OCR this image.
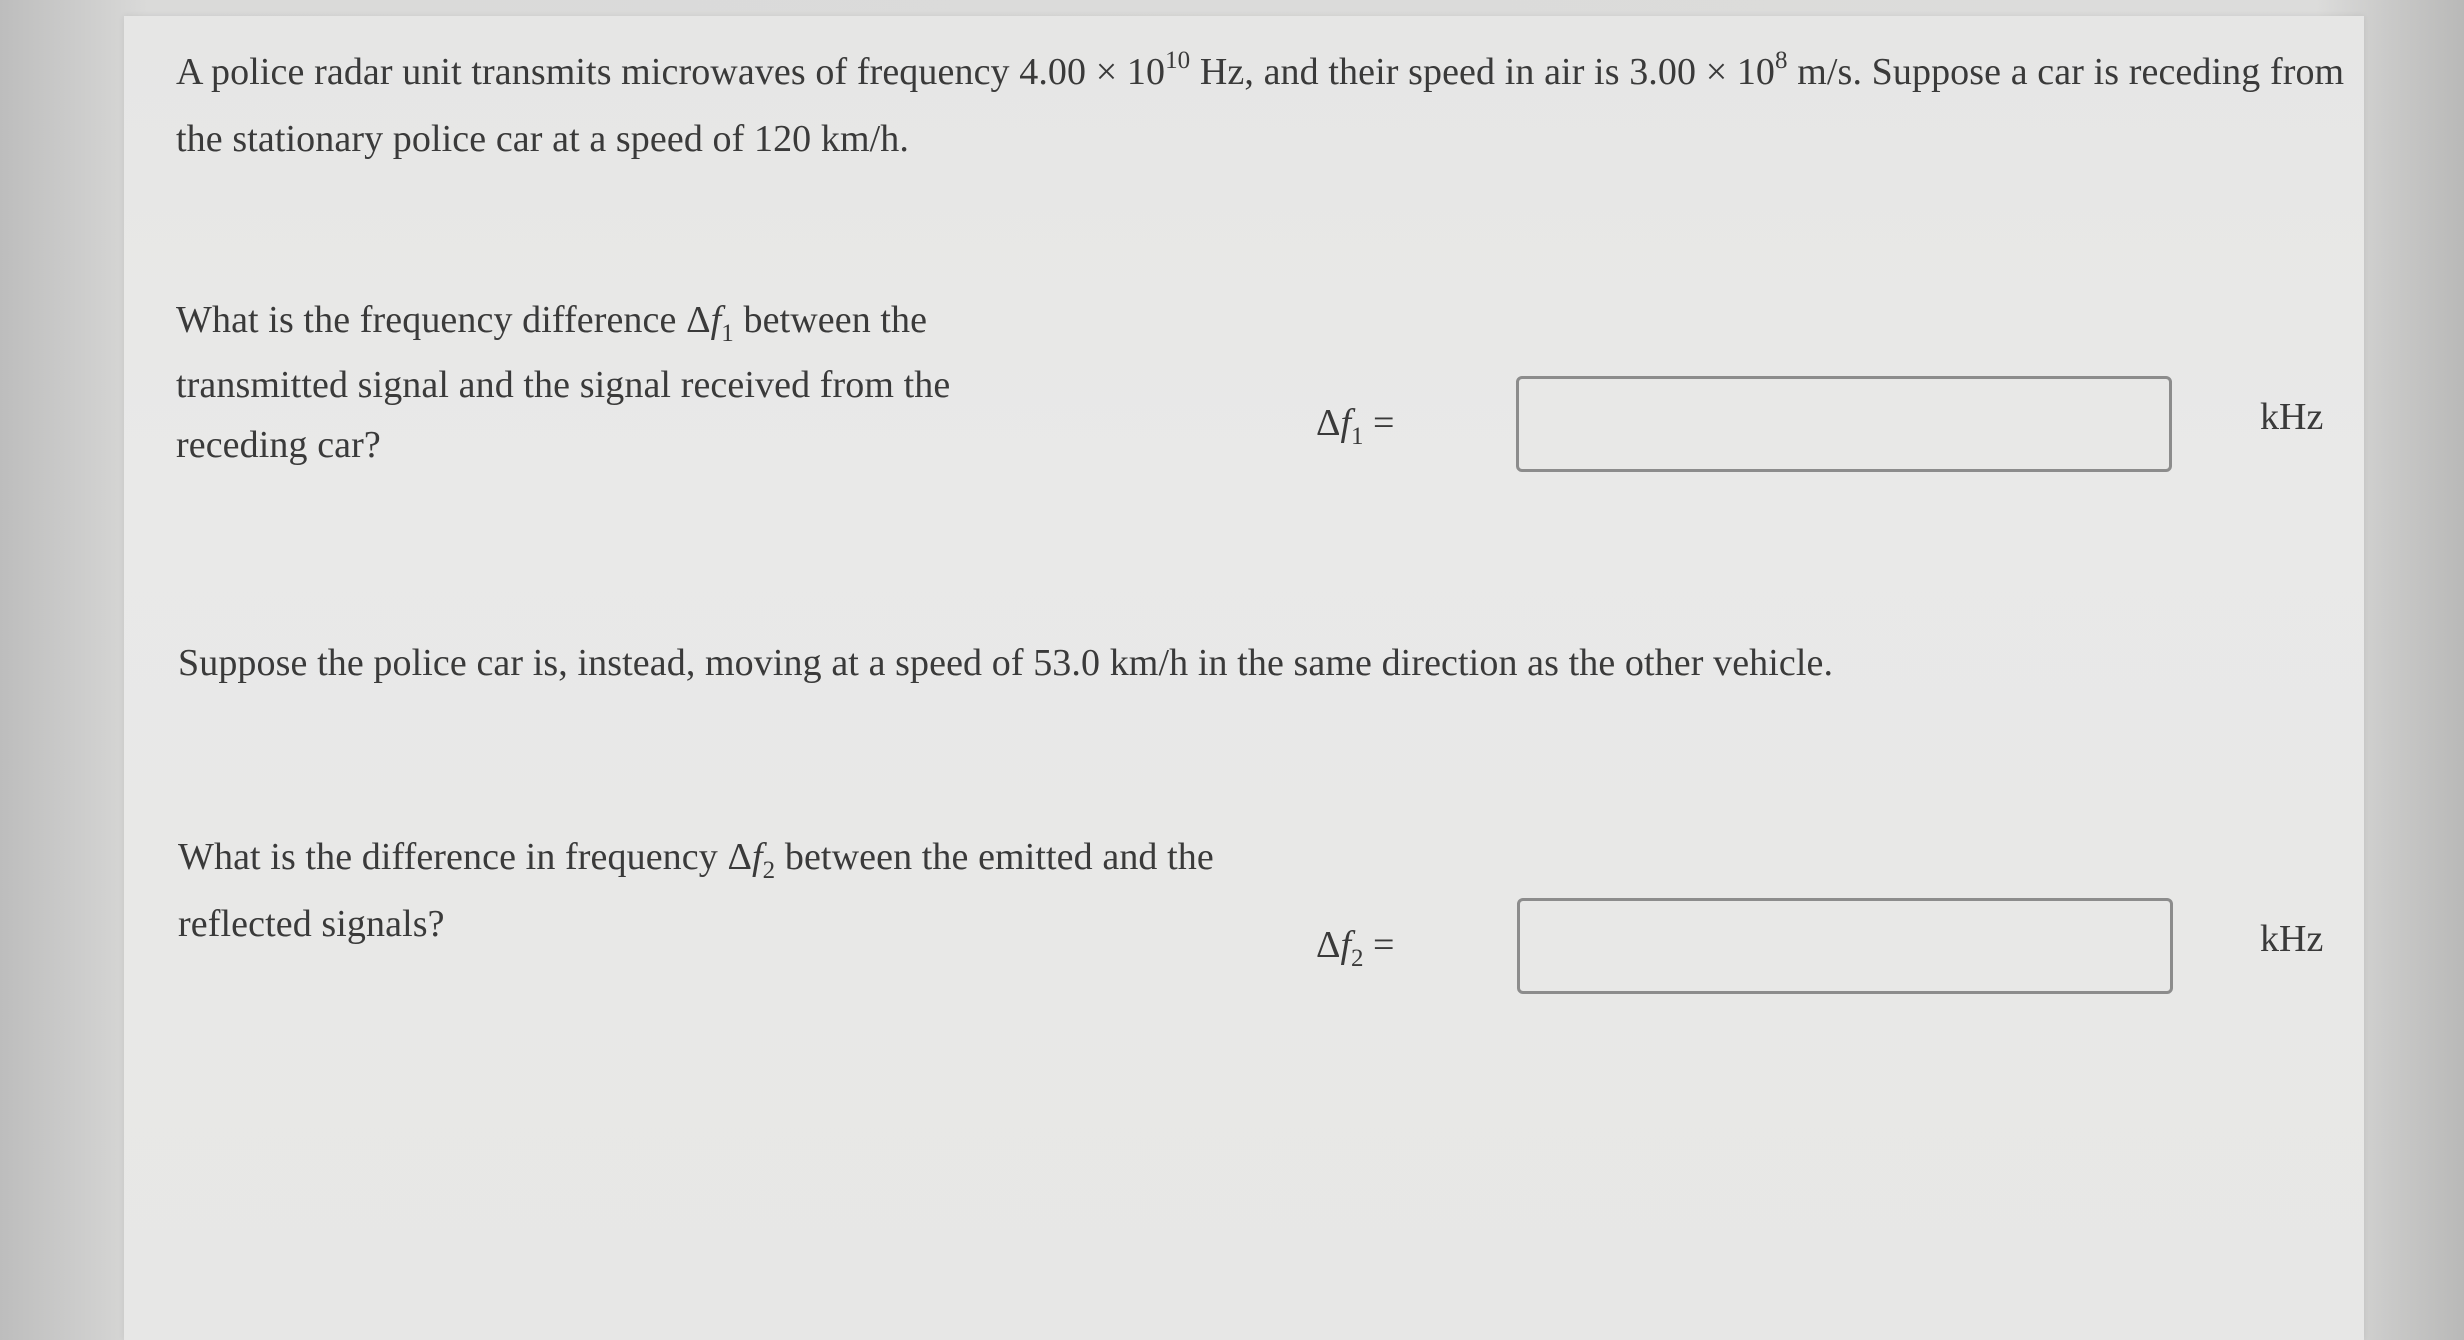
A police radar unit transmits microwaves of frequency $4.00 \times 10^{10}$ Hz, and their speed in air is $3.00 \times 10^8$ m/s. Suppose a car is receding from the stationary police car at a speed of 120 km/h.
What is the frequency difference $\Delta f_1$ between the transmitted signal and the signal received from the receding car?
$\Delta f_1$ =	kHz
Suppose the police car is, instead, moving at a speed of 53.0 km/h in the same direction as the other vehicle.
What is the difference in frequency $\Delta f_2$ between the emitted and the reflected signals?	$\Delta f_2$ =	kHz
